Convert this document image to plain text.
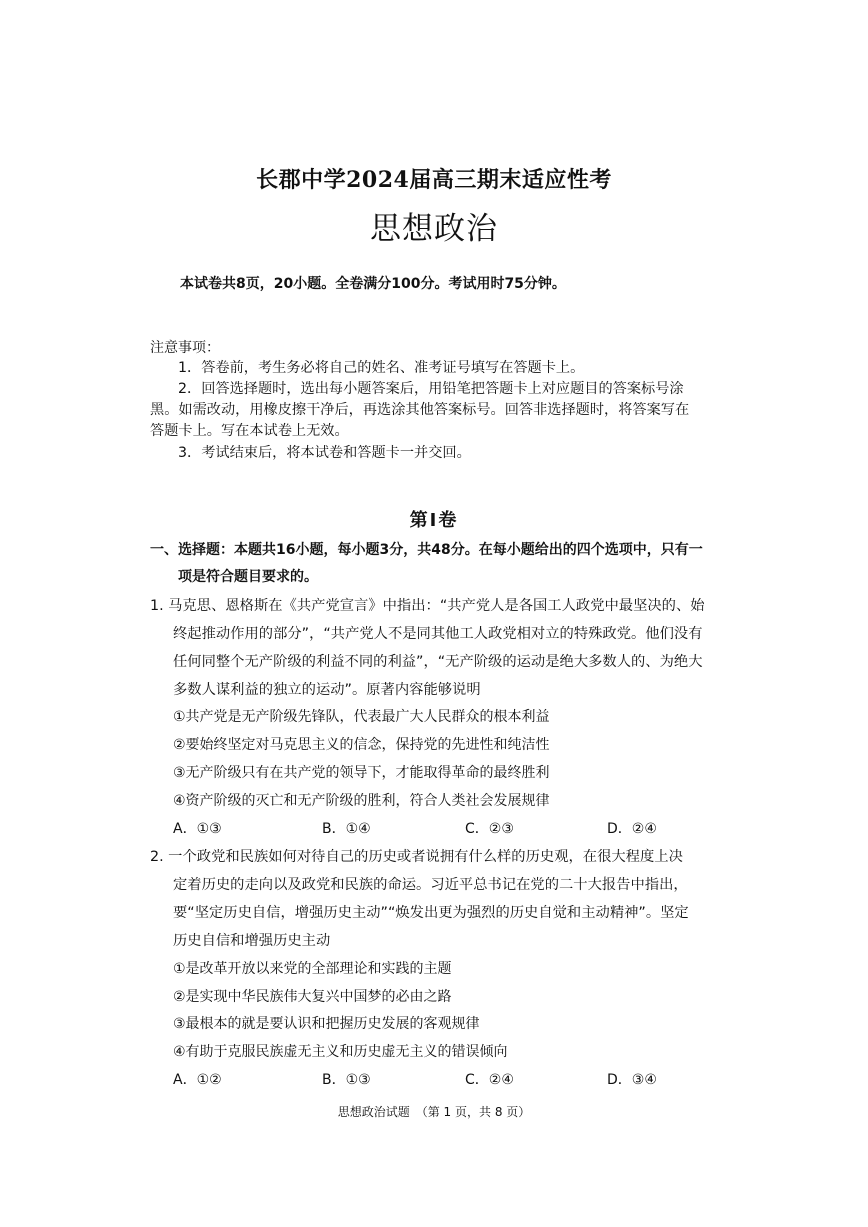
长郡中学2024届高三期末适应性考
思想政治
本试卷共8页，20小题。全卷满分100分。考试用时75分钟。
注意事项：
1．答卷前，考生务必将自己的姓名、准考证号填写在答题卡上。
2．回答选择题时，选出每小题答案后，用铅笔把答题卡上对应题目的答案标号涂
黑。如需改动，用橡皮擦干净后，再选涂其他答案标号。回答非选择题时，将答案写在
答题卡上。写在本试卷上无效。
3．考试结束后，将本试卷和答题卡一并交回。
第Ⅰ卷
一、选择题：本题共16小题，每小题3分，共48分。在每小题给出的四个选项中，只有一
项是符合题目要求的。
1. 马克思、恩格斯在《共产党宣言》中指出：“共产党人是各国工人政党中最坚决的、始
终起推动作用的部分”，“共产党人不是同其他工人政党相对立的特殊政党。他们没有
任何同整个无产阶级的利益不同的利益”，“无产阶级的运动是绝大多数人的、为绝大
多数人谋利益的独立的运动”。原著内容能够说明
①共产党是无产阶级先锋队，代表最广大人民群众的根本利益
②要始终坚定对马克思主义的信念，保持党的先进性和纯洁性
③无产阶级只有在共产党的领导下，才能取得革命的最终胜利
④资产阶级的灭亡和无产阶级的胜利，符合人类社会发展规律
A．①③	B．①④	C．②③	D．②④
2. 一个政党和民族如何对待自己的历史或者说拥有什么样的历史观，在很大程度上决
定着历史的走向以及政党和民族的命运。习近平总书记在党的二十大报告中指出，
要“坚定历史自信，增强历史主动”“焕发出更为强烈的历史自觉和主动精神”。坚定
历史自信和增强历史主动
①是改革开放以来党的全部理论和实践的主题
②是实现中华民族伟大复兴中国梦的必由之路
③最根本的就是要认识和把握历史发展的客观规律
④有助于克服民族虚无主义和历史虚无主义的错误倾向
A．①②	B．①③	C．②④	D．③④
思想政治试题　（第 1 页，共 8 页）
